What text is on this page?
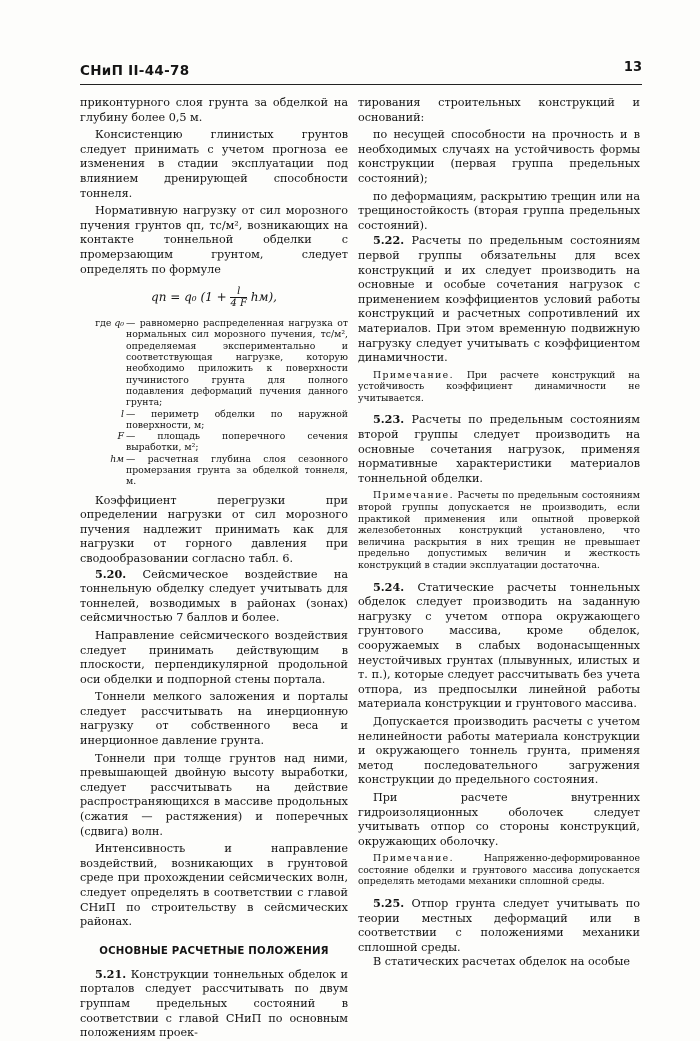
СНиП II-44-78	13

приконтурного слоя грунта за обделкой на глубину более 0,5 м.

Консистенцию глинистых грунтов следует принимать с учетом прогноза ее изменения в стадии эксплуатации под влиянием дренирующей способности тоннеля.

Нормативную нагрузку от сил морозного пучения грунтов qп, тс/м², возникающих на контакте тоннельной обделки с промерзающим грунтом, следует определять по формуле

qп = q₀ $(1 + \frac{l}{4 F} hм)$,
где q₀	— равномерно распределенная нагрузка от нормальных сил морозного пучения, тс/м², определяемая экспериментально и соответствующая нагрузке, которую необходимо приложить к поверхности пучинистого грунта для полного подавления деформаций пучения данного грунта;
l	— периметр обделки по наружной поверхности, м;
F	— площадь поперечного сечения выработки, м²;
hм	— расчетная глубина слоя сезонного промерзания грунта за обделкой тоннеля, м.

Коэффициент перегрузки при определении нагрузки от сил морозного пучения надлежит принимать как для нагрузки от горного давления при сводообразовании согласно табл. 6.

5.20. Сейсмическое воздействие на тоннельную обделку следует учитывать для тоннелей, возводимых в районах (зонах) сейсмичностью 7 баллов и более.

Направление сейсмического воздействия следует принимать действующим в плоскости, перпендикулярной продольной оси обделки и подпорной стены портала.

Тоннели мелкого заложения и порталы следует рассчитывать на инерционную нагрузку от собственного веса и инерционное давление грунта.

Тоннели при толще грунтов над ними, превышающей двойную высоту выработки, следует рассчитывать на действие распространяющихся в массиве продольных (сжатия — растяжения) и поперечных (сдвига) волн.

Интенсивность и направление воздействий, возникающих в грунтовой среде при прохождении сейсмических волн, следует определять в соответствии с главой СНиП по строительству в сейсмических районах.

ОСНОВНЫЕ РАСЧЕТНЫЕ ПОЛОЖЕНИЯ

5.21. Конструкции тоннельных обделок и порталов следует рассчитывать по двум группам предельных состояний в соответствии с главой СНиП по основным положениям проек-

тирования строительных конструкций и оснований:

по несущей способности на прочность и в необходимых случаях на устойчивость формы конструкции (первая группа предельных состояний);

по деформациям, раскрытию трещин или на трещиностойкость (вторая группа предельных состояний).

5.22. Расчеты по предельным состояниям первой группы обязательны для всех конструкций и их следует производить на основные и особые сочетания нагрузок с применением коэффициентов условий работы конструкций и расчетных сопротивлений их материалов. При этом временную подвижную нагрузку следует учитывать с коэффициентом динамичности.

Примечание. При расчете конструкций на устойчивость коэффициент динамичности не учитывается.

5.23. Расчеты по предельным состояниям второй группы следует производить на основные сочетания нагрузок, применяя нормативные характеристики материалов тоннельной обделки.

Примечание. Расчеты по предельным состояниям второй группы допускается не производить, если практикой применения или опытной проверкой железобетонных конструкций установлено, что величина раскрытия в них трещин не превышает предельно допустимых величин и жесткость конструкций в стадии эксплуатации достаточна.

5.24. Статические расчеты тоннельных обделок следует производить на заданную нагрузку с учетом отпора окружающего грунтового массива, кроме обделок, сооружаемых в слабых водонасыщенных неустойчивых грунтах (плывунных, илистых и т. п.), которые следует рассчитывать без учета отпора, из предпосылки линейной работы материала конструкции и грунтового массива.

Допускается производить расчеты с учетом нелинейности работы материала конструкции и окружающего тоннель грунта, применяя метод последовательного загружения конструкции до предельного состояния.

При расчете внутренних гидроизоляционных оболочек следует учитывать отпор со стороны конструкций, окружающих оболочку.

Примечание.	Напряженно-деформированное состояние обделки и грунтового массива допускается определять методами механики сплошной среды.

5.25. Отпор грунта следует учитывать по теории местных деформаций или в соответствии с положениями механики сплошной среды.

В статических расчетах обделок на особые
